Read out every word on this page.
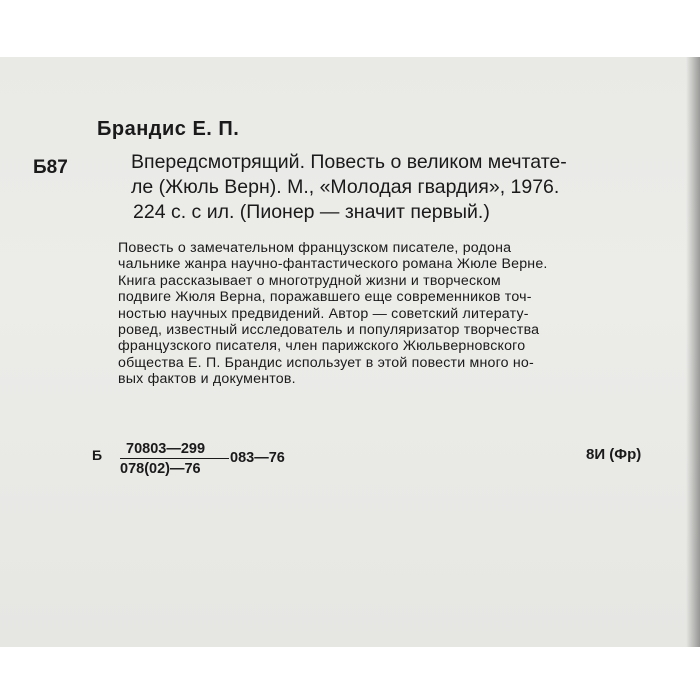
Брандис Е. П.
Б87	Впередсмотрящий. Повесть о великом мечтате-
ле (Жюль Верн). М., «Молодая гвардия», 1976.
224 с. с ил. (Пионер — значит первый.)
Повесть о замечательном французском писателе, родона
чальнике жанра научно-фантастического романа Жюле Верне.
Книга рассказывает о многотрудной жизни и творческом
подвиге Жюля Верна, поражавшего еще современников точ-
ностью научных предвидений. Автор — советский литерату-
ровед, известный исследователь и популяризатор творчества
французского писателя, член парижского Жюльверновского
общества Е. П. Брандис использует в этой повести много но-
вых фактов и документов.
Б $\frac{70803—299}{078(02)—76}$ 083—76	8И (Фр)
